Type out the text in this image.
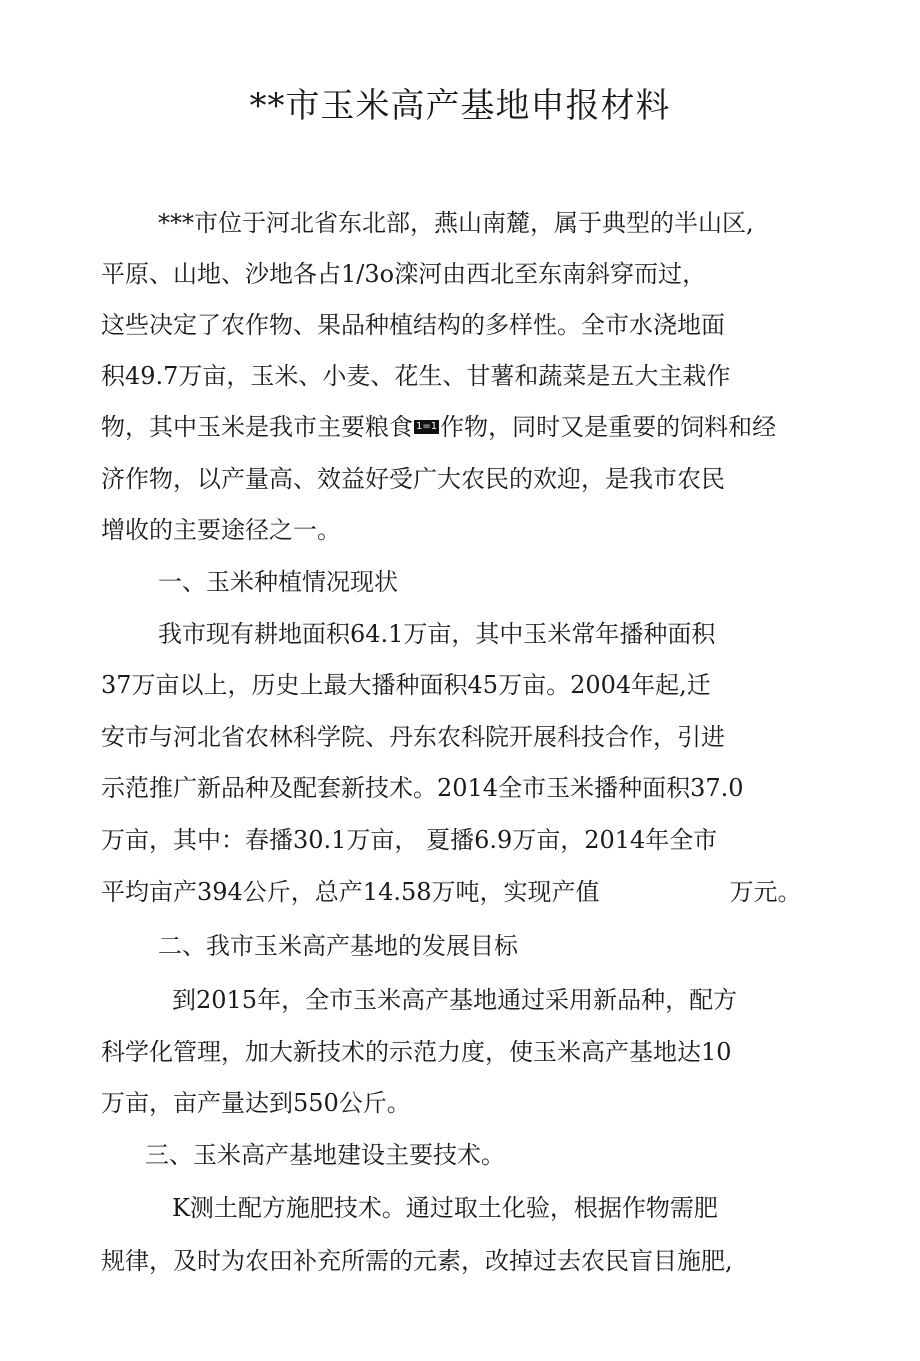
**市玉米高产基地申报材料
***市位于河北省东北部，燕山南麓，属于典型的半山区,
平原、山地、沙地各占1/3o滦河由西北至东南斜穿而过，
这些决定了农作物、果品种植结构的多样性。全市水浇地面
积49.7万亩，玉米、小麦、花生、甘薯和蔬菜是五大主栽作
物，其中玉米是我市主要粮食 1=1 作物，同时又是重要的饲料和经
济作物，以产量高、效益好受广大农民的欢迎，是我市农民
增收的主要途径之一。
一、玉米种植情况现状
我市现有耕地面积64.1万亩，其中玉米常年播种面积
37万亩以上，历史上最大播种面积45万亩。2004年起,迁
安市与河北省农林科学院、丹东农科院开展科技合作，引进
示范推广新品种及配套新技术。2014全市玉米播种面积37.0
万亩，其中：春播30.1万亩， 夏播6.9万亩，2014年全市
平均亩产394公斤，总产14.58万吨，实现产值	万元。
二、我市玉米高产基地的发展目标
到2015年，全市玉米高产基地通过采用新品种，配方
科学化管理，加大新技术的示范力度，使玉米高产基地达10
万亩，亩产量达到550公斤。
三、玉米高产基地建设主要技术。
K测土配方施肥技术。通过取土化验，根据作物需肥
规律，及时为农田补充所需的元素，改掉过去农民盲目施肥,
